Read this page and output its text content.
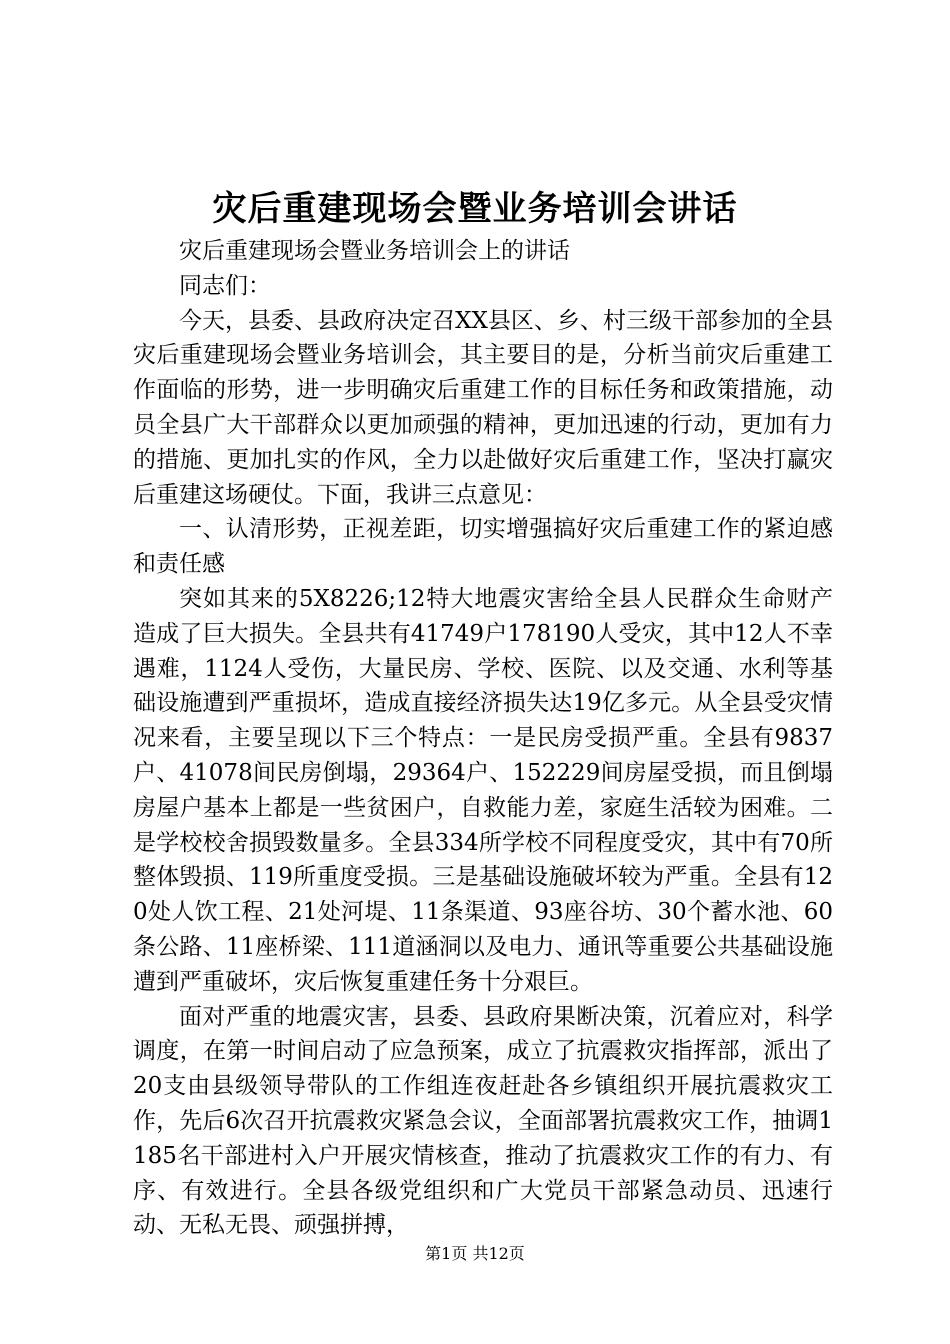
灾后重建现场会暨业务培训会讲话

灾后重建现场会暨业务培训会上的讲话

同志们：

今天，县委、县政府决定召XX县区、乡、村三级干部参加的全县灾后重建现场会暨业务培训会，其主要目的是，分析当前灾后重建工作面临的形势，进一步明确灾后重建工作的目标任务和政策措施，动员全县广大干部群众以更加顽强的精神，更加迅速的行动，更加有力的措施、更加扎实的作风，全力以赴做好灾后重建工作，坚决打赢灾后重建这场硬仗。下面，我讲三点意见：

一、认清形势，正视差距，切实增强搞好灾后重建工作的紧迫感和责任感

突如其来的5X8226;12特大地震灾害给全县人民群众生命财产造成了巨大损失。全县共有41749户178190人受灾，其中12人不幸遇难，1124人受伤，大量民房、学校、医院、以及交通、水利等基础设施遭到严重损坏，造成直接经济损失达19亿多元。从全县受灾情况来看，主要呈现以下三个特点：一是民房受损严重。全县有9837户、41078间民房倒塌，29364户、152229间房屋受损，而且倒塌房屋户基本上都是一些贫困户，自救能力差，家庭生活较为困难。二是学校校舍损毁数量多。全县334所学校不同程度受灾，其中有70所整体毁损、119所重度受损。三是基础设施破坏较为严重。全县有120处人饮工程、21处河堤、11条渠道、93座谷坊、30个蓄水池、60条公路、11座桥梁、111道涵洞以及电力、通讯等重要公共基础设施遭到严重破坏，灾后恢复重建任务十分艰巨。

面对严重的地震灾害，县委、县政府果断决策，沉着应对，科学调度，在第一时间启动了应急预案，成立了抗震救灾指挥部，派出了20支由县级领导带队的工作组连夜赶赴各乡镇组织开展抗震救灾工作，先后6次召开抗震救灾紧急会议，全面部署抗震救灾工作，抽调1185名干部进村入户开展灾情核查，推动了抗震救灾工作的有力、有序、有效进行。全县各级党组织和广大党员干部紧急动员、迅速行动、无私无畏、顽强拼搏，

第1页 共12页
